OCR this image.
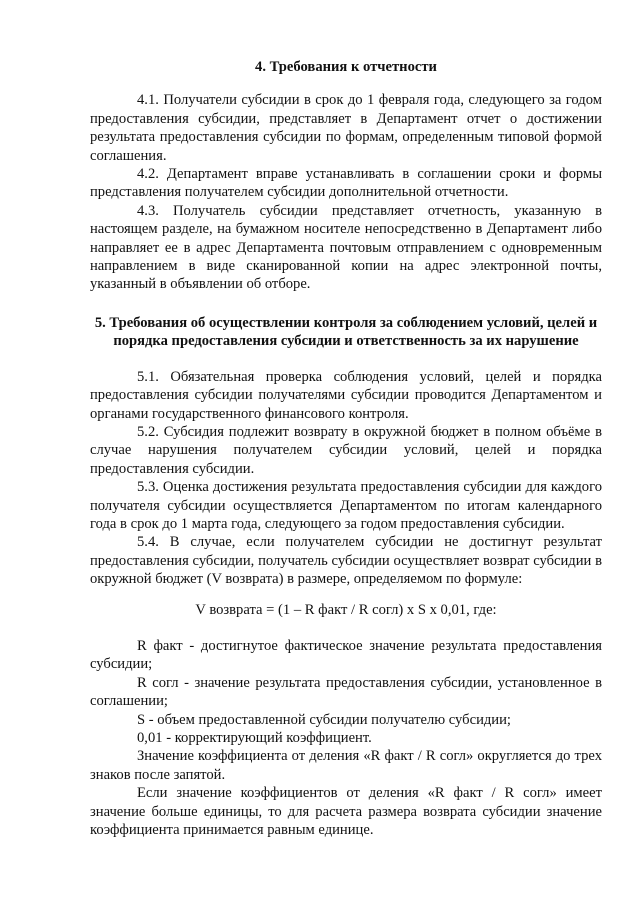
4. Требования к отчетности

4.1. Получатели субсидии в срок до 1 февраля года, следующего за годом предоставления субсидии, представляет в Департамент отчет о достижении результата предоставления субсидии по формам, определенным типовой формой соглашения.

4.2. Департамент вправе устанавливать в соглашении сроки и формы представления получателем субсидии дополнительной отчетности.

4.3. Получатель субсидии представляет отчетность, указанную в настоящем разделе, на бумажном носителе непосредственно в Департамент либо направляет ее в адрес Департамента почтовым отправлением с одновременным направлением в виде сканированной копии на адрес электронной почты, указанный в объявлении об отборе.

5. Требования об осуществлении контроля за соблюдением условий, целей и порядка предоставления субсидии и ответственность за их нарушение

5.1. Обязательная проверка соблюдения условий, целей и порядка предоставления субсидии получателями субсидии проводится Департаментом и органами государственного финансового контроля.

5.2. Субсидия подлежит возврату в окружной бюджет в полном объёме в случае нарушения получателем субсидии условий, целей и порядка предоставления субсидии.

5.3. Оценка достижения результата предоставления субсидии для каждого получателя субсидии осуществляется Департаментом по итогам календарного года в срок до 1 марта года, следующего за годом предоставления субсидии.

5.4. В случае, если получателем субсидии не достигнут результат предоставления субсидии, получатель субсидии осуществляет возврат субсидии в окружной бюджет (V возврата) в размере, определяемом по формуле:

V возврата = (1 – R факт / R согл) x S x 0,01, где:

R факт - достигнутое фактическое значение результата предоставления субсидии;

R согл - значение результата предоставления субсидии, установленное в соглашении;

S - объем предоставленной субсидии получателю субсидии;

0,01 - корректирующий коэффициент.

Значение коэффициента от деления «R факт / R согл» округляется до трех знаков после запятой.

Если значение коэффициентов от деления «R факт / R согл» имеет значение больше единицы, то для расчета размера возврата субсидии значение коэффициента принимается равным единице.
